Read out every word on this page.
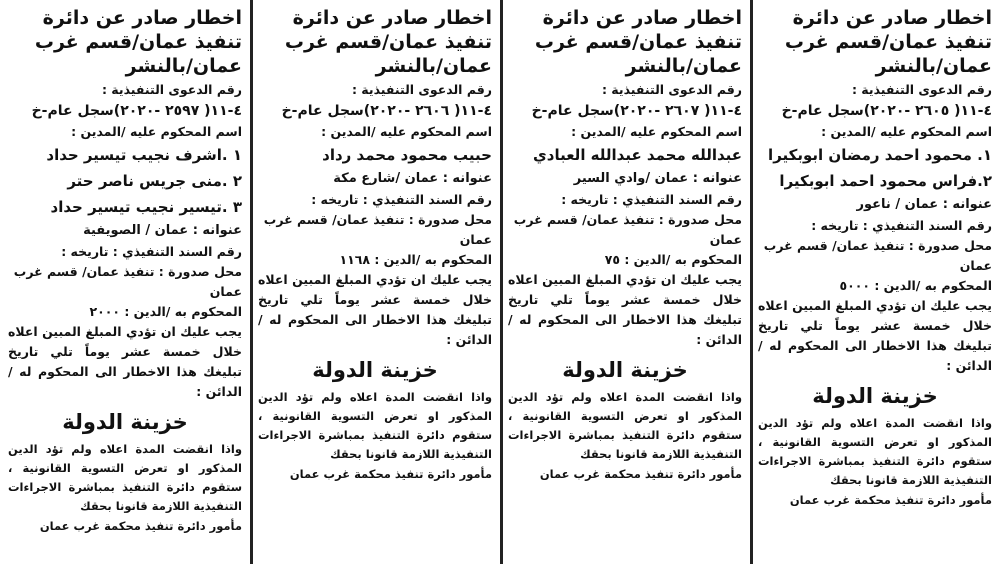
اخطار صادر عن دائرة تنفيذ عمان/قسم غرب عمان/بالنشر
رقم الدعوى التنفيذية :
٤-١١( ٢٦٠٥ -٢٠٢٠)سجل عام-خ
اسم المحكوم عليه /المدين :
١. محمود احمد رمضان ابوبكيرا
٢.فراس محمود احمد ابوبكيرا
عنوانه : عمان / ناعور
رقم السند التنفيذي : تاريخه :
محل صدورة : تنفيذ عمان/ قسم غرب عمان
المحكوم به /الدين : ٥٠٠٠
يجب عليك ان تؤدي المبلغ المبين اعلاه خلال خمسة عشر يوماً تلي تاريخ تبليغك هذا الاخطار الى المحكوم له / الدائن :
خزينة الدولة
واذا انقضت المدة اعلاه ولم تؤد الدين المذكور او تعرض التسوية القانونية ، ستقوم دائرة التنفيذ بمباشرة الاجراءات التنفيذية اللازمة قانونا بحقك
مأمور دائرة تنفيذ محكمة غرب عمان
اخطار صادر عن دائرة تنفيذ عمان/قسم غرب عمان/بالنشر
رقم الدعوى التنفيذية :
٤-١١( ٢٦٠٧ -٢٠٢٠)سجل عام-خ
اسم المحكوم عليه /المدين :
عبدالله محمد عبدالله العبادي
عنوانه : عمان /وادي السير
رقم السند التنفيذي : تاريخه :
محل صدورة : تنفيذ عمان/ قسم غرب عمان
المحكوم به /الدين : ٧٥
يجب عليك ان تؤدي المبلغ المبين اعلاه خلال خمسة عشر يوماً تلي تاريخ تبليغك هذا الاخطار الى المحكوم له / الدائن :
خزينة الدولة
واذا انقضت المدة اعلاه ولم تؤد الدين المذكور او تعرض التسوية القانونية ، ستقوم دائرة التنفيذ بمباشرة الاجراءات التنفيذية اللازمة قانونا بحقك
مأمور دائرة تنفيذ محكمة غرب عمان
اخطار صادر عن دائرة تنفيذ عمان/قسم غرب عمان/بالنشر
رقم الدعوى التنفيذية :
٤-١١( ٢٦٠٦ -٢٠٢٠)سجل عام-خ
اسم المحكوم عليه /المدين :
حبيب محمود محمد رداد
عنوانه : عمان /شارع مكة
رقم السند التنفيذي : تاريخه :
محل صدورة : تنفيذ عمان/ قسم غرب عمان
المحكوم به /الدين : ١١٦٨
يجب عليك ان تؤدي المبلغ المبين اعلاه خلال خمسة عشر يوماً تلي تاريخ تبليغك هذا الاخطار الى المحكوم له / الدائن :
خزينة الدولة
واذا انقضت المدة اعلاه ولم تؤد الدين المذكور او تعرض التسوية القانونية ، ستقوم دائرة التنفيذ بمباشرة الاجراءات التنفيذية اللازمة قانونا بحقك
مأمور دائرة تنفيذ محكمة غرب عمان
اخطار صادر عن دائرة تنفيذ عمان/قسم غرب عمان/بالنشر
رقم الدعوى التنفيذية :
٤-١١( ٢٥٩٧ -٢٠٢٠)سجل عام-خ
اسم المحكوم عليه /المدين :
١ .اشرف نجيب تيسير حداد
٢ .منى جريس ناصر حتر
٣ .تيسير نجيب تيسير حداد
عنوانه : عمان / الصويفية
رقم السند التنفيذي : تاريخه :
محل صدورة : تنفيذ عمان/ قسم غرب عمان
المحكوم به /الدين : ٢٠٠٠
يجب عليك ان تؤدي المبلغ المبين اعلاه خلال خمسة عشر يوماً تلي تاريخ تبليغك هذا الاخطار الى المحكوم له / الدائن :
خزينة الدولة
واذا انقضت المدة اعلاه ولم تؤد الدين المذكور او تعرض التسوية القانونية ، ستقوم دائرة التنفيذ بمباشرة الاجراءات التنفيذية اللازمة قانونا بحقك
مأمور دائرة تنفيذ محكمة غرب عمان
